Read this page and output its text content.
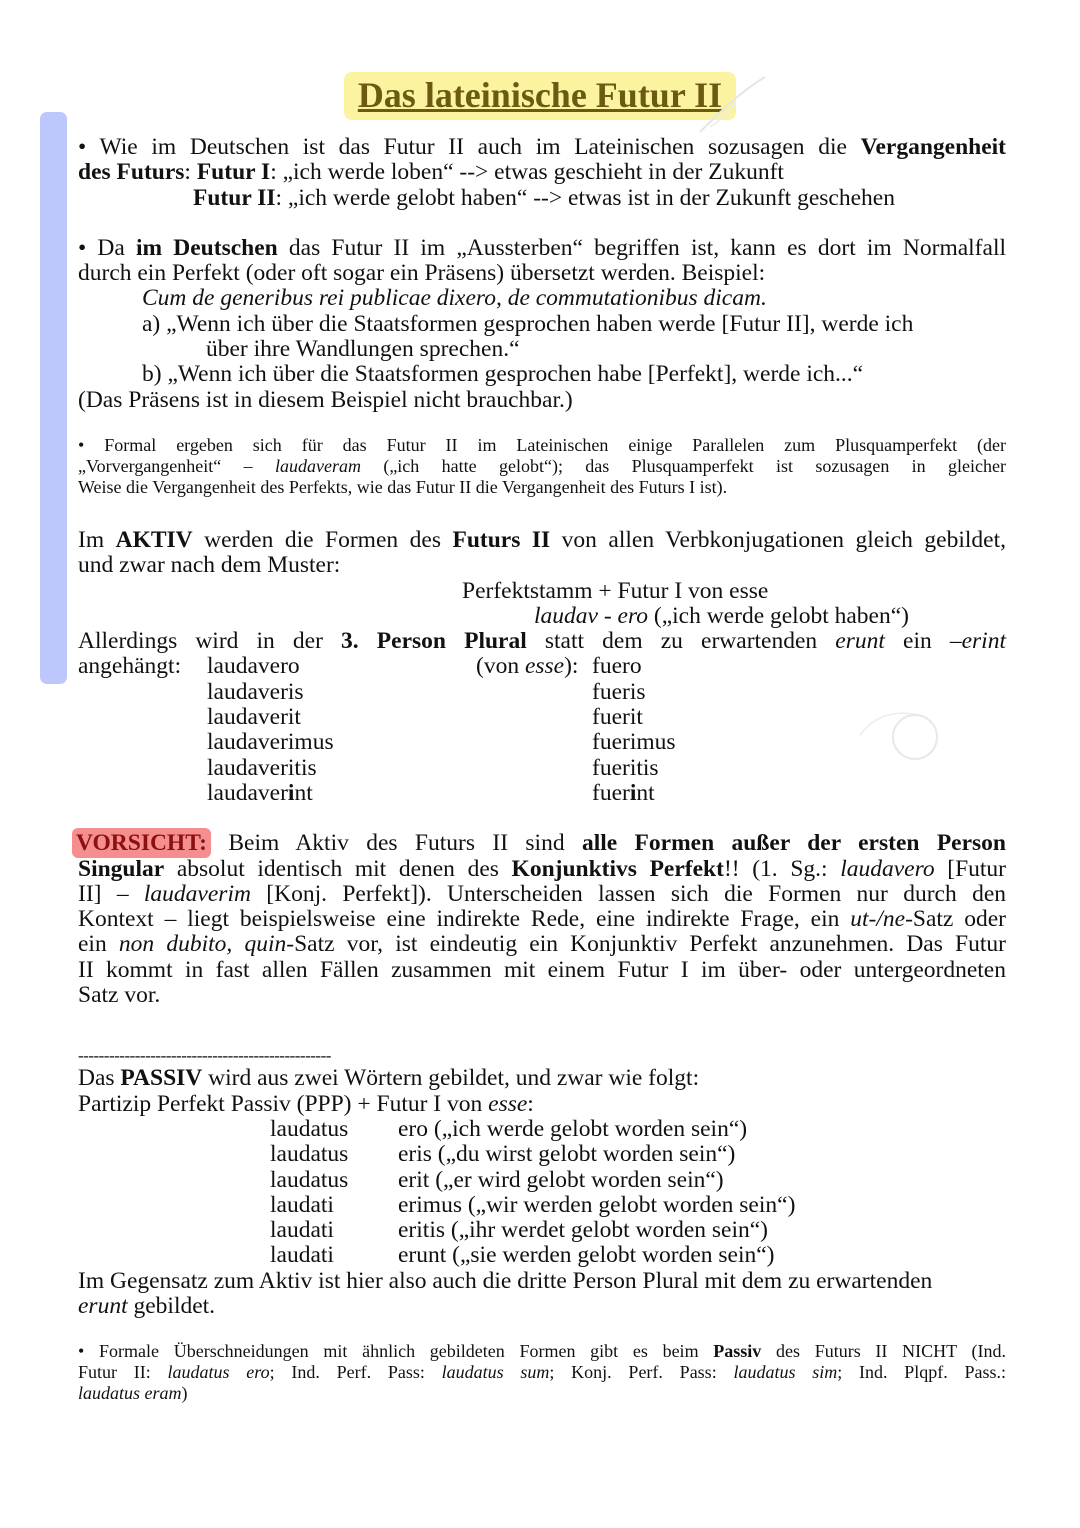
Das lateinische Futur II
• Wie im Deutschen ist das Futur II auch im Lateinischen sozusagen die Vergangenheit
des Futurs: Futur I: „ich werde loben“ --> etwas geschieht in der Zukunft
Futur II: „ich werde gelobt haben“ --> etwas ist in der Zukunft geschehen
• Da im Deutschen das Futur II im „Aussterben“ begriffen ist, kann es dort im Normalfall
durch ein Perfekt (oder oft sogar ein Präsens) übersetzt werden. Beispiel:
Cum de generibus rei publicae dixero, de commutationibus dicam.
a) „Wenn ich über die Staatsformen gesprochen haben werde [Futur II], werde ich
über ihre Wandlungen sprechen.“
b) „Wenn ich über die Staatsformen gesprochen habe [Perfekt], werde ich...“
(Das Präsens ist in diesem Beispiel nicht brauchbar.)
• Formal ergeben sich für das Futur II im Lateinischen einige Parallelen zum Plusquamperfekt (der
„Vorvergangenheit“ – laudaveram („ich hatte gelobt“); das Plusquamperfekt ist sozusagen in gleicher
Weise die Vergangenheit des Perfekts, wie das Futur II die Vergangenheit des Futurs I ist).
Im AKTIV werden die Formen des Futurs II von allen Verbkonjugationen gleich gebildet,
und zwar nach dem Muster:
Perfektstamm + Futur I von esse
laudav - ero („ich werde gelobt haben“)
Allerdings wird in der 3. Person Plural statt dem zu erwartenden erunt ein –erint
angehängt: laudavero	(von esse): fuero
laudaveris	fueris
laudaverit	fuerit
laudaverimus	fuerimus
laudaveritis	fueritis
laudaverint	fuerint
VORSICHT: Beim Aktiv des Futurs II sind alle Formen außer der ersten Person
Singular absolut identisch mit denen des Konjunktivs Perfekt!! (1. Sg.: laudavero [Futur
II] – laudaverim [Konj. Perfekt]). Unterscheiden lassen sich die Formen nur durch den
Kontext – liegt beispielsweise eine indirekte Rede, eine indirekte Frage, ein ut-/ne-Satz oder
ein non dubito, quin-Satz vor, ist eindeutig ein Konjunktiv Perfekt anzunehmen. Das Futur
II kommt in fast allen Fällen zusammen mit einem Futur I im über- oder untergeordneten
Satz vor.
-------------------------------------------------
Das PASSIV wird aus zwei Wörtern gebildet, und zwar wie folgt:
Partizip Perfekt Passiv (PPP) + Futur I von esse:
laudatus ero („ich werde gelobt worden sein“)
laudatus eris („du wirst gelobt worden sein“)
laudatus erit („er wird gelobt worden sein“)
laudati	erimus („wir werden gelobt worden sein“)
laudati	eritis („ihr werdet gelobt worden sein“)
laudati	erunt („sie werden gelobt worden sein“)
Im Gegensatz zum Aktiv ist hier also auch die dritte Person Plural mit dem zu erwartenden
erunt gebildet.
• Formale Überschneidungen mit ähnlich gebildeten Formen gibt es beim Passiv des Futurs II NICHT (Ind.
Futur II: laudatus ero; Ind. Perf. Pass: laudatus sum; Konj. Perf. Pass: laudatus sim; Ind. Plqpf. Pass.:
laudatus eram)
